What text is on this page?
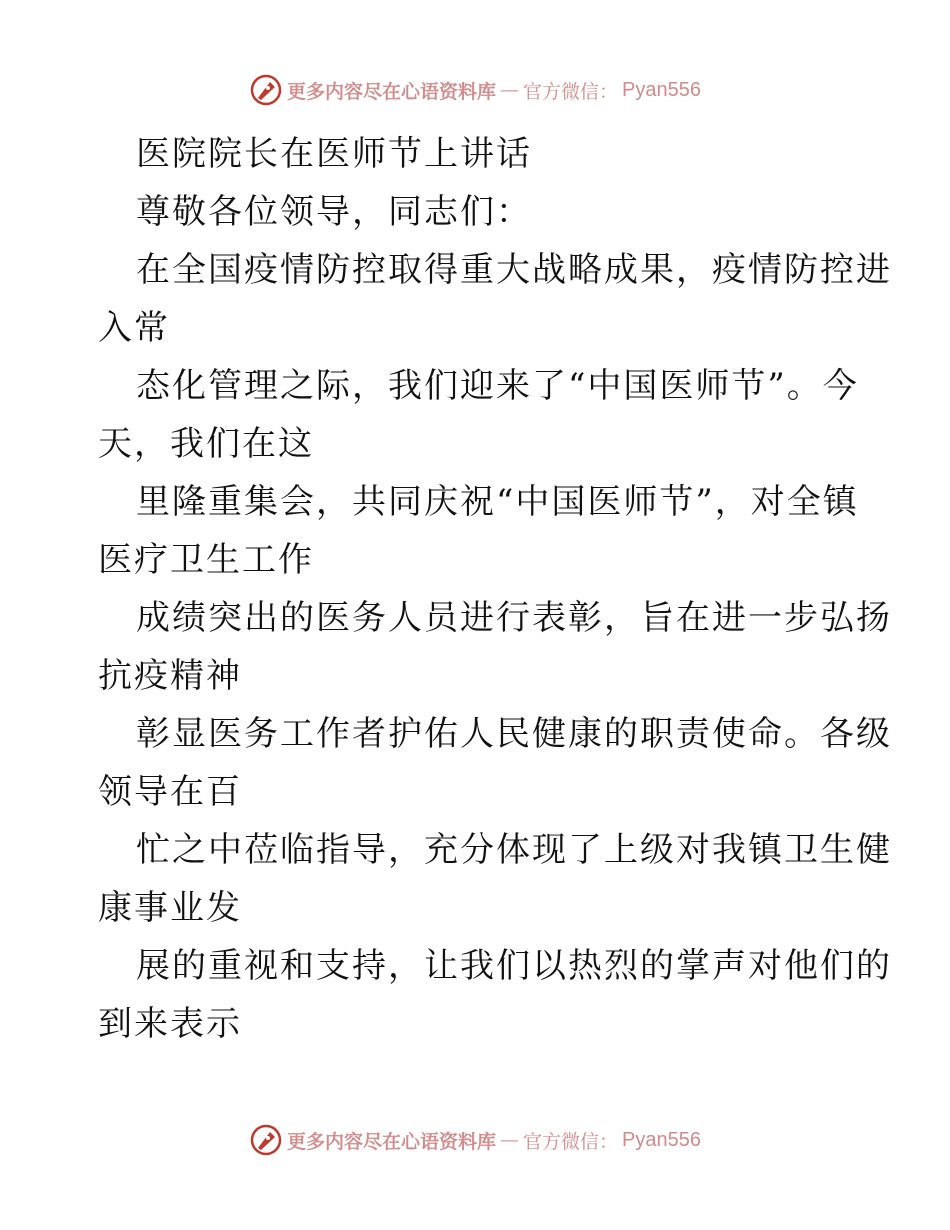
更多内容尽在心语资料库 — 官方微信： Pyan556
医院院长在医师节上讲话
尊敬各位领导，同志们：
在全国疫情防控取得重大战略成果，疫情防控进
入常
态化管理之际，我们迎来了“中国医师节”。今
天，我们在这
里隆重集会，共同庆祝“中国医师节”，对全镇
医疗卫生工作
成绩突出的医务人员进行表彰，旨在进一步弘扬
抗疫精神
彰显医务工作者护佑人民健康的职责使命。各级
领导在百
忙之中莅临指导，充分体现了上级对我镇卫生健
康事业发
展的重视和支持，让我们以热烈的掌声对他们的
到来表示
更多内容尽在心语资料库 — 官方微信： Pyan556
